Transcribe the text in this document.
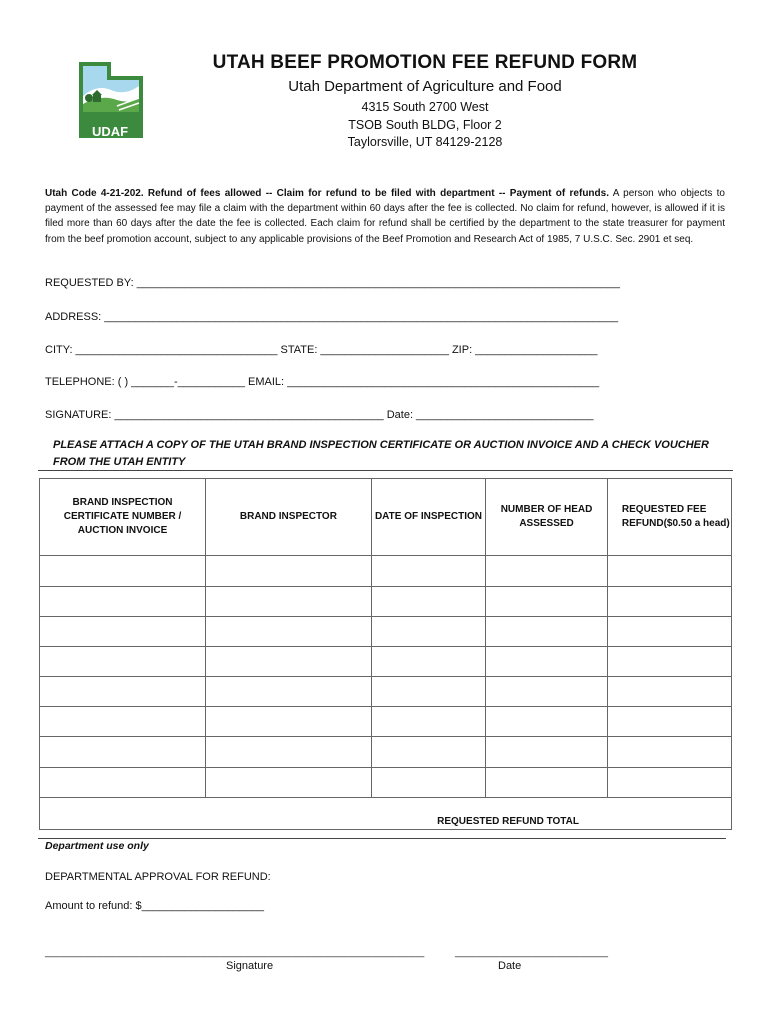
UDAF
UTAH BEEF PROMOTION FEE REFUND FORM
Utah Department of Agriculture and Food
4315 South 2700 West
TSOB South BLDG, Floor 2
Taylorsville, UT 84129-2128
Utah Code 4-21-202. Refund of fees allowed -- Claim for refund to be filed with department -- Payment of refunds. A person who objects to payment of the assessed fee may file a claim with the department within 60 days after the fee is collected. No claim for refund, however, is allowed if it is filed more than 60 days after the date the fee is collected. Each claim for refund shall be certified by the department to the state treasurer for payment from the beef promotion account, subject to any applicable provisions of the Beef Promotion and Research Act of 1985, 7 U.S.C. Sec. 2901 et seq.
REQUESTED BY: _______________________________________________________________________________
ADDRESS: ____________________________________________________________________________________
CITY: _________________________________ STATE: _____________________ ZIP: ____________________
TELEPHONE: ( ) _______-___________ EMAIL: ___________________________________________________
SIGNATURE: ____________________________________________ Date: _____________________________
PLEASE ATTACH A COPY OF THE UTAH BRAND INSPECTION CERTIFICATE OR AUCTION INVOICE AND A CHECK VOUCHER FROM THE UTAH ENTITY
BRAND INSPECTION CERTIFICATE NUMBER / AUCTION INVOICE	BRAND INSPECTOR	DATE OF INSPECTION	NUMBER OF HEAD ASSESSED	REQUESTED FEE REFUND($0.50 a head)

REQUESTED REFUND TOTAL				
Department use only
DEPARTMENTAL APPROVAL FOR REFUND:
Amount to refund: $____________________
______________________________________________________________	_________________________
Signature	Date
